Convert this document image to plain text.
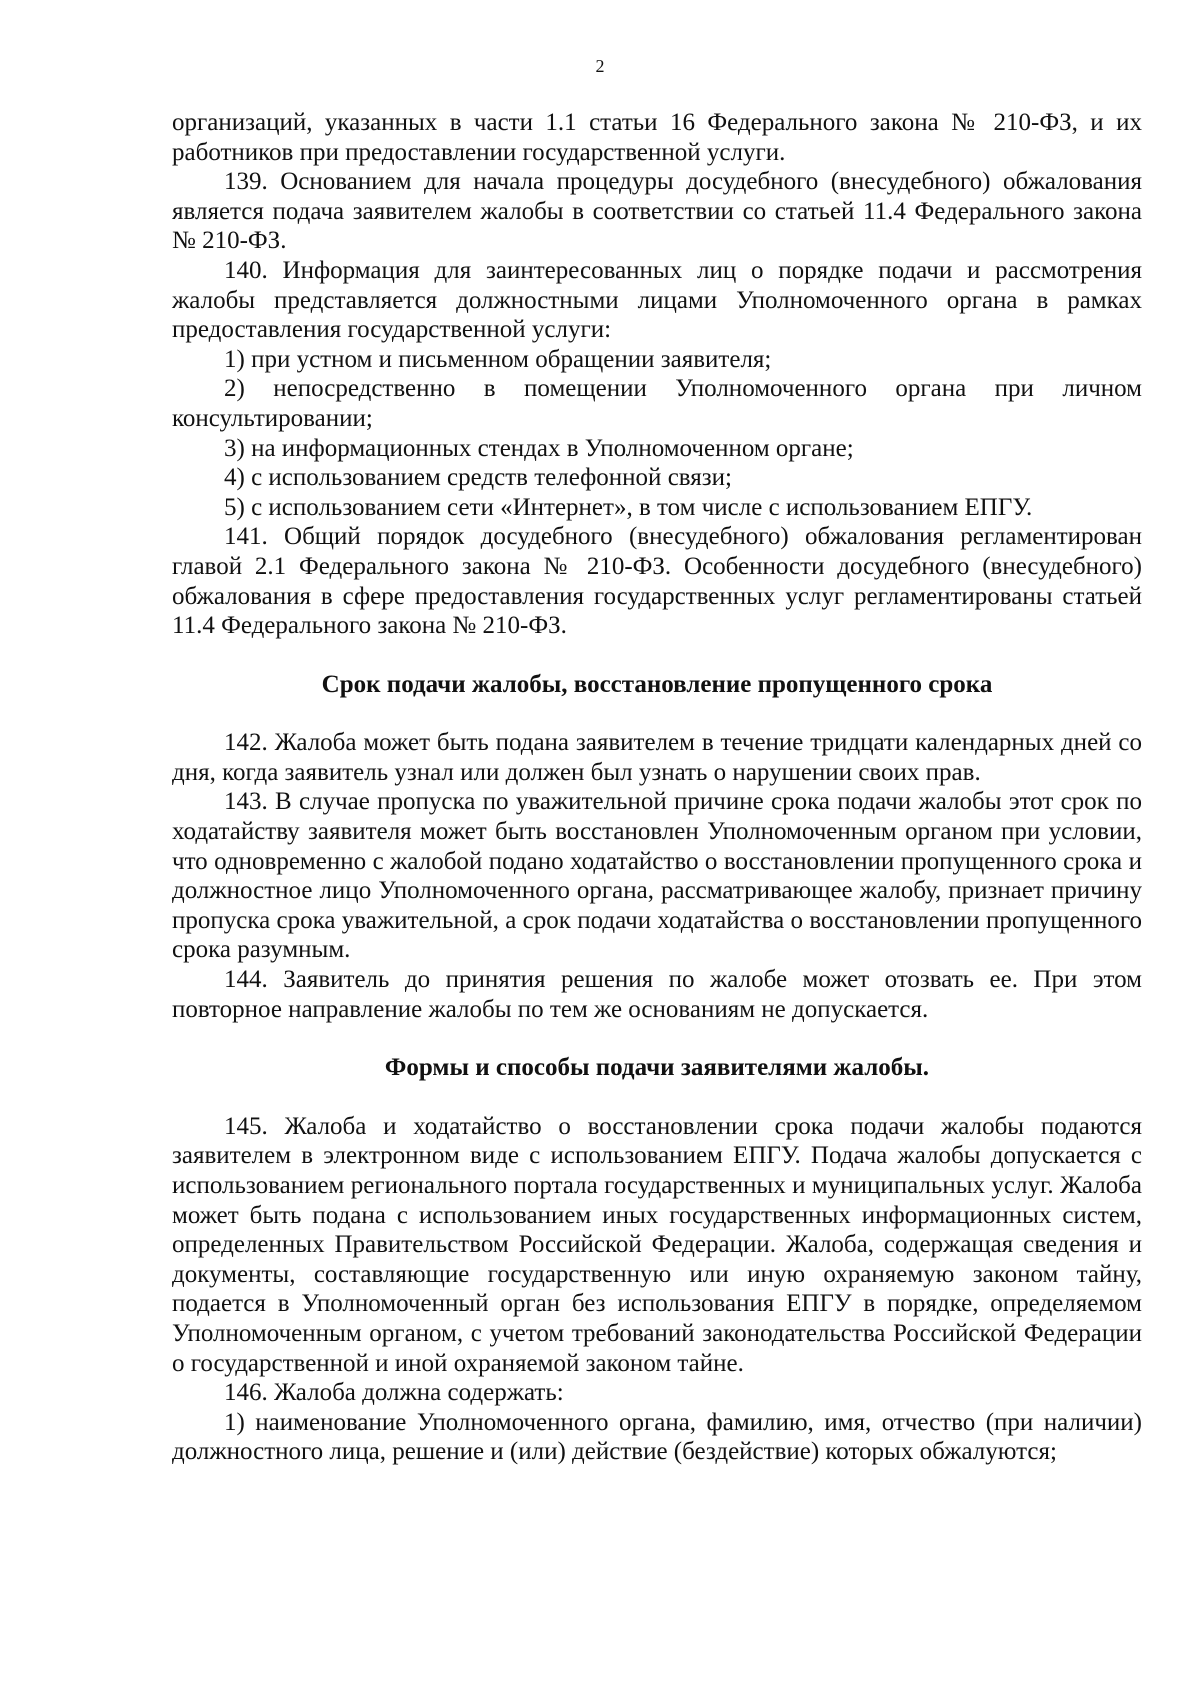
2

организаций, указанных в части 1.1 статьи 16 Федерального закона № 210-ФЗ, и их работников при предоставлении государственной услуги.

139. Основанием для начала процедуры досудебного (внесудебного) обжалования является подача заявителем жалобы в соответствии со статьей 11.4 Федерального закона № 210-ФЗ.

140. Информация для заинтересованных лиц о порядке подачи и рассмотрения жалобы представляется должностными лицами Уполномоченного органа в рамках предоставления государственной услуги:

1) при устном и письменном обращении заявителя;

2) непосредственно в помещении Уполномоченного органа при личном консультировании;

3) на информационных стендах в Уполномоченном органе;

4) с использованием средств телефонной связи;

5) с использованием сети «Интернет», в том числе с использованием ЕПГУ.

141. Общий порядок досудебного (внесудебного) обжалования регламентирован главой 2.1 Федерального закона № 210-ФЗ. Особенности досудебного (внесудебного) обжалования в сфере предоставления государственных услуг регламентированы статьей 11.4 Федерального закона № 210-ФЗ.

Срок подачи жалобы, восстановление пропущенного срока

142. Жалоба может быть подана заявителем в течение тридцати календарных дней со дня, когда заявитель узнал или должен был узнать о нарушении своих прав.

143. В случае пропуска по уважительной причине срока подачи жалобы этот срок по ходатайству заявителя может быть восстановлен Уполномоченным органом при условии, что одновременно с жалобой подано ходатайство о восстановлении пропущенного срока и должностное лицо Уполномоченного органа, рассматривающее жалобу, признает причину пропуска срока уважительной, а срок подачи ходатайства о восстановлении пропущенного срока разумным.

144. Заявитель до принятия решения по жалобе может отозвать ее. При этом повторное направление жалобы по тем же основаниям не допускается.

Формы и способы подачи заявителями жалобы.

145. Жалоба и ходатайство о восстановлении срока подачи жалобы подаются заявителем в электронном виде с использованием ЕПГУ. Подача жалобы допускается с использованием регионального портала государственных и муниципальных услуг. Жалоба может быть подана с использованием иных государственных информационных систем, определенных Правительством Российской Федерации. Жалоба, содержащая сведения и документы, составляющие государственную или иную охраняемую законом тайну, подается в Уполномоченный орган без использования ЕПГУ в порядке, определяемом Уполномоченным органом, с учетом требований законодательства Российской Федерации о государственной и иной охраняемой законом тайне.

146. Жалоба должна содержать:

1) наименование Уполномоченного органа, фамилию, имя, отчество (при наличии) должностного лица, решение и (или) действие (бездействие) которых обжалуются;
